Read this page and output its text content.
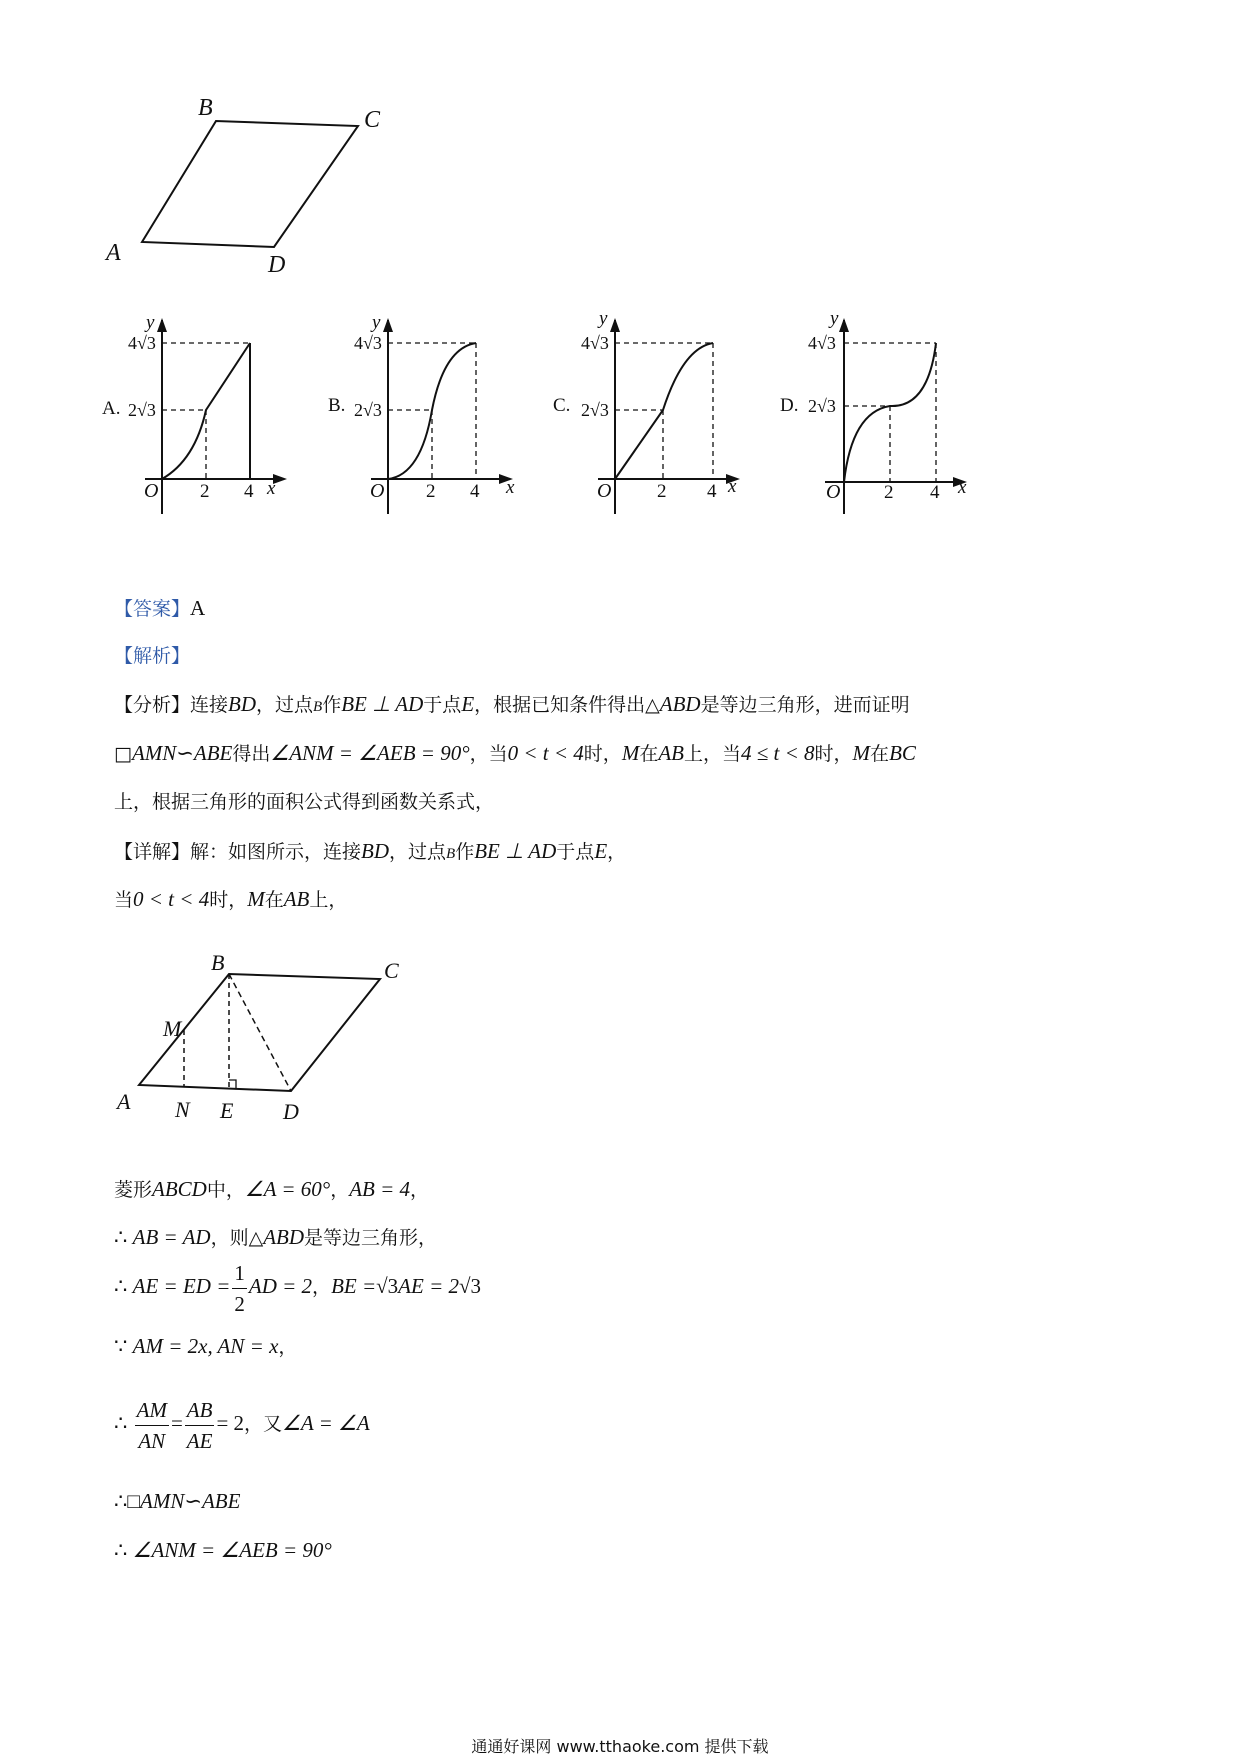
A
B	C
D
A.
y
x
O 2 4
2√3
4√3
B.
y
x
O 2 4
2√3
4√3
C.
y
x
O 2 4
2√3
4√3
D.
y
x
O 2 4
2√3
4√3
【答案】A
【解析】
【分析】连接BD，过点B作BE ⊥ AD于点E，根据已知条件得出△ABD是等边三角形，进而证明
□AMN∽ABE得出∠ANM = ∠AEB = 90°，当0 < t < 4时，M在AB上，当4 ≤ t < 8时，M在BC
上，根据三角形的面积公式得到函数关系式，
【详解】解：如图所示，连接BD，过点B作BE ⊥ AD于点E，
当0 < t < 4时，M在AB上，
A
B	C
D
M
N E
菱形ABCD中，∠A = 60°，AB = 4，
∴ AB = AD，则△ABD是等边三角形，
∴ AE = ED = $\frac{1}{2}$ AD = 2，BE =√3AE = 2√3
∵ AM = 2x, AN = x，
∴ $\frac{AM}{AN} = \frac{AB}{AE} = 2$，又∠A = ∠A
∴□AMN∽ABE
∴ ∠ANM = ∠AEB = 90°
通通好课网 www.tthaoke.com 提供下载
